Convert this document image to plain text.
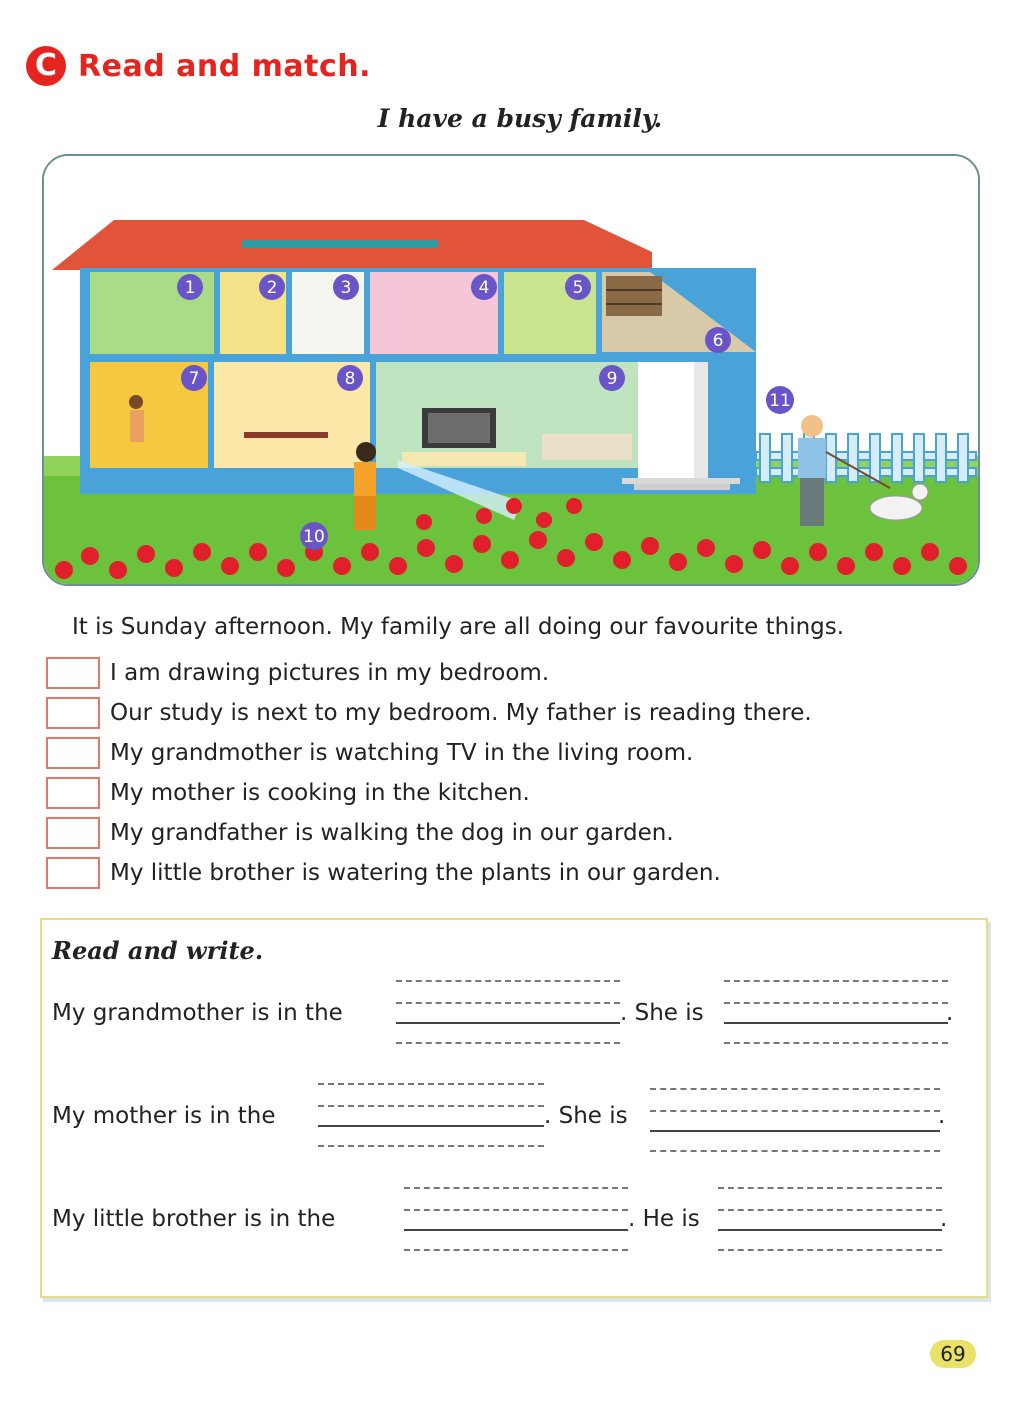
C Read and match.
I have a busy family.
1	2	3	4	5
6
7	8	9
10
11
It is Sunday afternoon. My family are all doing our favourite things.
I am drawing pictures in my bedroom.
Our study is next to my bedroom. My father is reading there.
My grandmother is watching TV in the living room.
My mother is cooking in the kitchen.
My grandfather is walking the dog in our garden.
My little brother is watering the plants in our garden.
Read and write.
My grandmother is in the	. She is	.
My mother is in the	. She is	.
My little brother is in the	. He is	.
69
